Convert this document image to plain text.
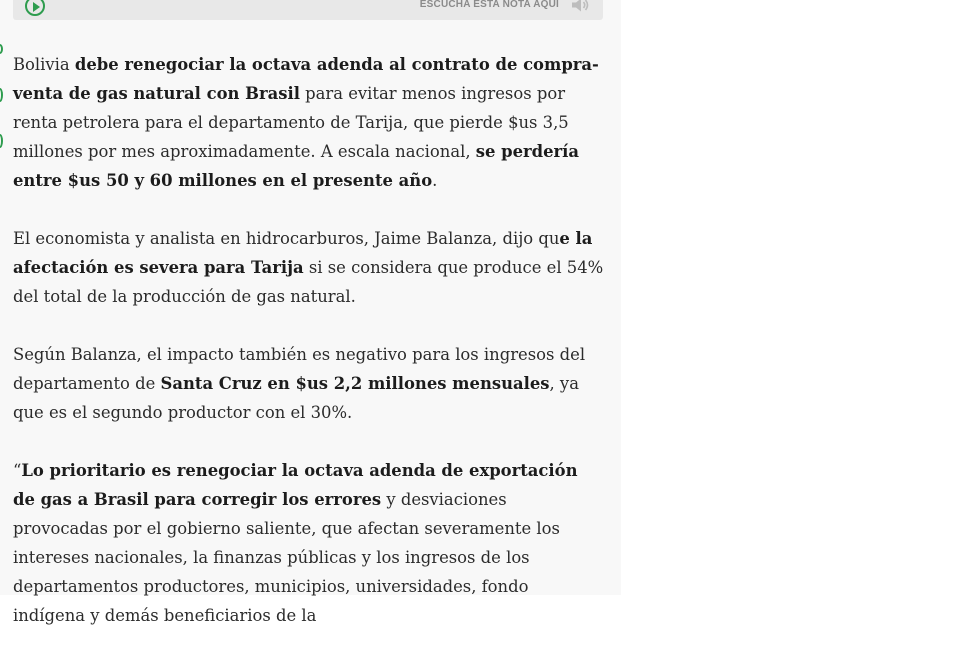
ESCUCHA ESTA NOTA AQUÍ

Bolivia debe renegociar la octava adenda al contrato de compra- venta de gas natural con Brasil para evitar menos ingresos por renta petrolera para el departamento de Tarija, que pierde $us 3,5 millones por mes aproximadamente. A escala nacional, se perdería entre $us 50 y 60 millones en el presente año.

El economista y analista en hidrocarburos, Jaime Balanza, dijo que la afectación es severa para Tarija si se considera que produce el 54% del total de la producción de gas natural.

Según Balanza, el impacto también es negativo para los ingresos del departamento de Santa Cruz en $us 2,2 millones mensuales, ya que es el segundo productor con el 30%.

“Lo prioritario es renegociar la octava adenda de exportación de gas a Brasil para corregir los errores y desviaciones provocadas por el gobierno saliente, que afectan severamente los intereses nacionales, la finanzas públicas y los ingresos de los departamentos productores, municipios, universidades, fondo indígena y demás beneficiarios de la
